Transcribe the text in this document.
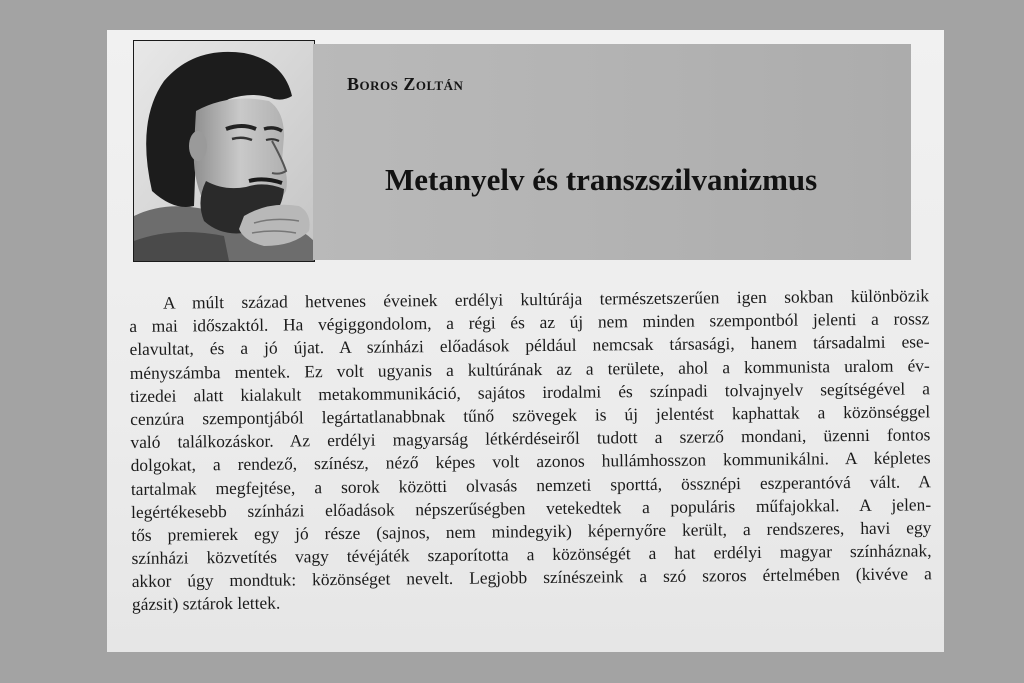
Boros Zoltán
Metanyelv és transzszilvanizmus
A múlt század hetvenes éveinek erdélyi kultúrája természetszerűen igen sokban különbözik
a mai időszaktól. Ha végiggondolom, a régi és az új nem minden szempontból jelenti a rossz
elavultat, és a jó újat. A színházi előadások például nemcsak társasági, hanem társadalmi ese-
ményszámba mentek. Ez volt ugyanis a kultúrának az a területe, ahol a kommunista uralom év-
tizedei alatt kialakult metakommunikáció, sajátos irodalmi és színpadi tolvajnyelv segítségével a
cenzúra szempontjából legártatlanabbnak tűnő szövegek is új jelentést kaphattak a közönséggel
való találkozáskor. Az erdélyi magyarság létkérdéseiről tudott a szerző mondani, üzenni fontos
dolgokat, a rendező, színész, néző képes volt azonos hullámhosszon kommunikálni. A képletes
tartalmak megfejtése, a sorok közötti olvasás nemzeti sporttá, össznépi eszperantóvá vált. A
legértékesebb színházi előadások népszerűségben vetekedtek a populáris műfajokkal. A jelen-
tős premierek egy jó része (sajnos, nem mindegyik) képernyőre került, a rendszeres, havi egy
színházi közvetítés vagy tévéjáték szaporította a közönségét a hat erdélyi magyar színháznak,
akkor úgy mondtuk: közönséget nevelt. Legjobb színészeink a szó szoros értelmében (kivéve a
gázsit) sztárok lettek.
